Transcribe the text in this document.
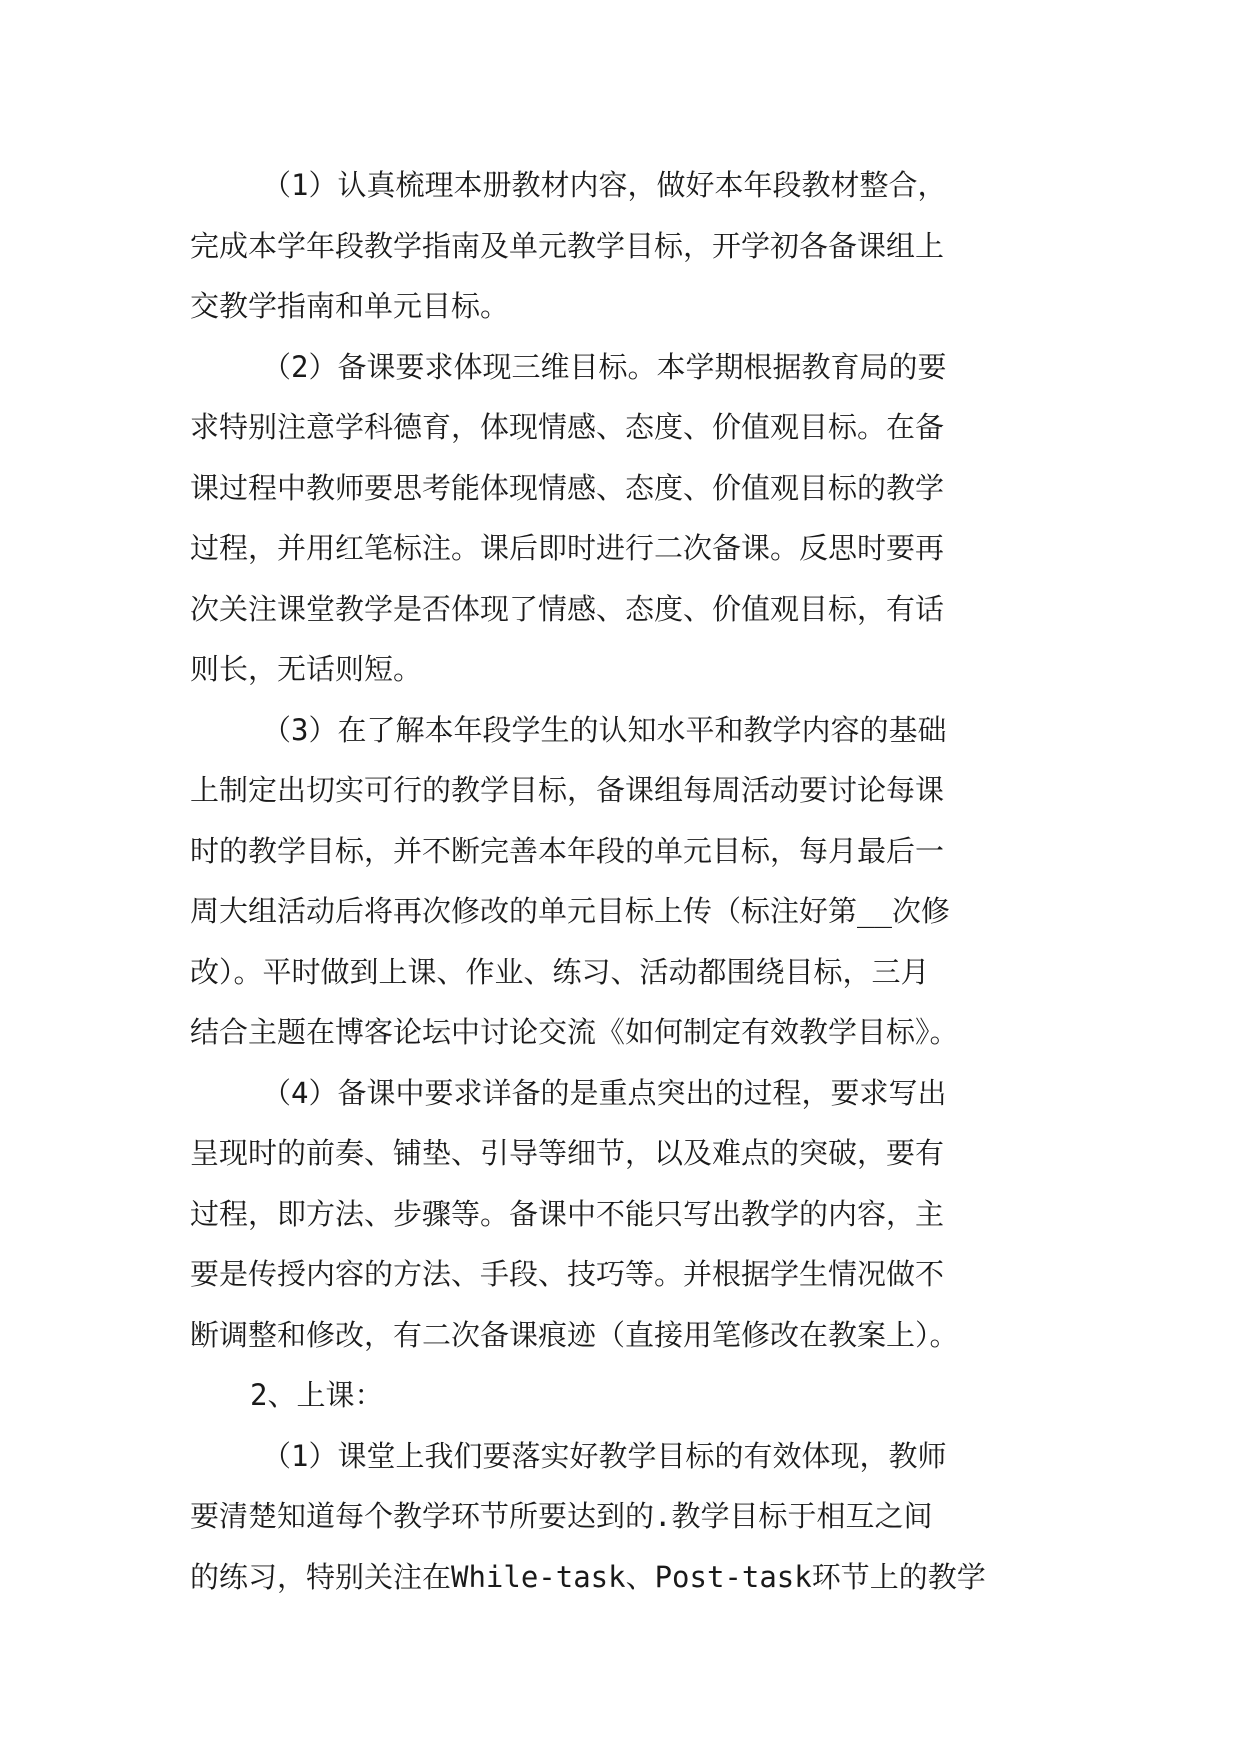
（1）认真梳理本册教材内容，做好本年段教材整合，
完成本学年段教学指南及单元教学目标，开学初各备课组上
交教学指南和单元目标。
（2）备课要求体现三维目标。本学期根据教育局的要
求特别注意学科德育，体现情感、态度、价值观目标。在备
课过程中教师要思考能体现情感、态度、价值观目标的教学
过程，并用红笔标注。课后即时进行二次备课。反思时要再
次关注课堂教学是否体现了情感、态度、价值观目标，有话
则长，无话则短。
（3）在了解本年段学生的认知水平和教学内容的基础
上制定出切实可行的教学目标，备课组每周活动要讨论每课
时的教学目标，并不断完善本年段的单元目标，每月最后一
周大组活动后将再次修改的单元目标上传（标注好第__次修
改）。平时做到上课、作业、练习、活动都围绕目标，三月
结合主题在博客论坛中讨论交流《如何制定有效教学目标》。
（4）备课中要求详备的是重点突出的过程，要求写出
呈现时的前奏、铺垫、引导等细节，以及难点的突破，要有
过程，即方法、步骤等。备课中不能只写出教学的内容，主
要是传授内容的方法、手段、技巧等。并根据学生情况做不
断调整和修改，有二次备课痕迹（直接用笔修改在教案上）。
2、上课：
（1）课堂上我们要落实好教学目标的有效体现，教师
要清楚知道每个教学环节所要达到的.教学目标于相互之间
的练习，特别关注在While-task、Post-task环节上的教学
